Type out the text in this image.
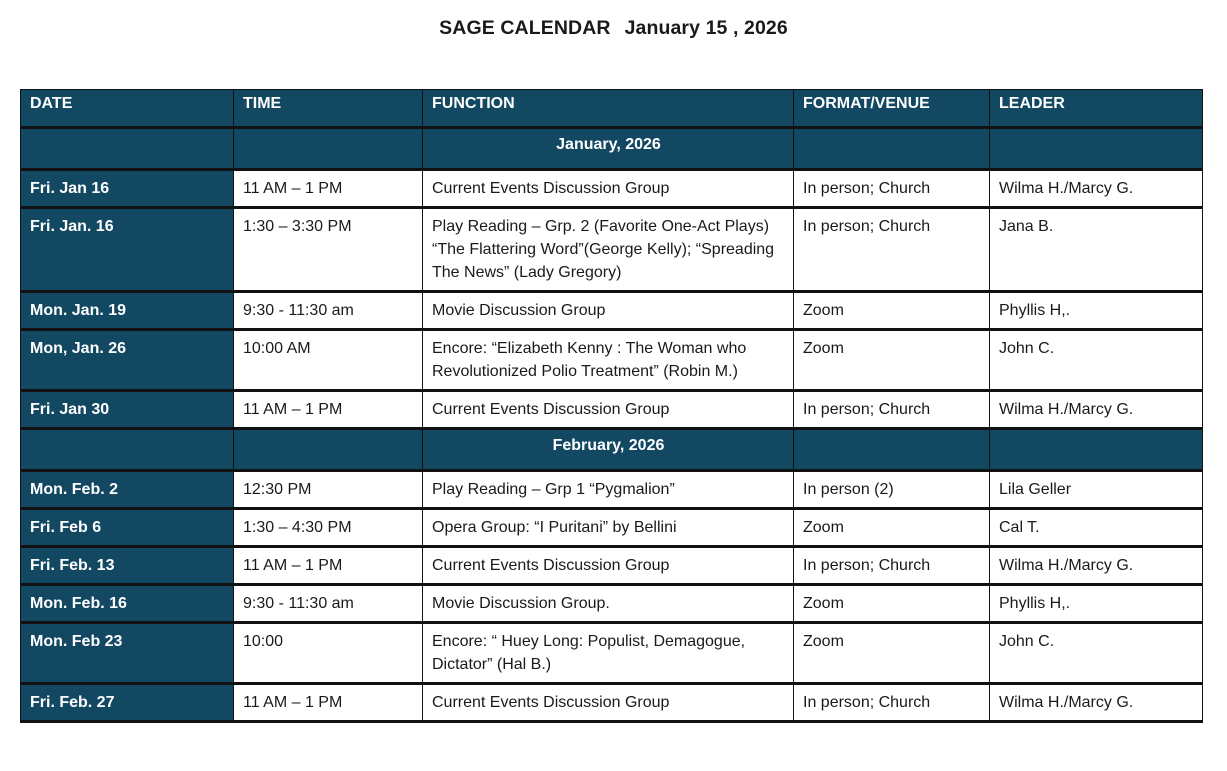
SAGE CALENDAR January 15 , 2026
DATE	TIME	FUNCTION	FORMAT/VENUE	LEADER
		January, 2026		
Fri. Jan 16	11 AM – 1 PM	Current Events Discussion Group	In person; Church	Wilma H./Marcy G.
Fri. Jan. 16	1:30 – 3:30 PM	Play Reading – Grp. 2 (Favorite One-Act Plays) “The Flattering Word”(George Kelly); “Spreading The News” (Lady Gregory)	In person; Church	Jana B.
Mon. Jan. 19	9:30 - 11:30 am	Movie Discussion Group	Zoom	Phyllis H,.
Mon, Jan. 26	10:00 AM	Encore: “Elizabeth Kenny : The Woman who Revolutionized Polio Treatment” (Robin M.)	Zoom	John C.
Fri. Jan 30	11 AM – 1 PM	Current Events Discussion Group	In person; Church	Wilma H./Marcy G.
		February, 2026		
Mon. Feb. 2	12:30 PM	Play Reading – Grp 1 “Pygmalion”	In person (2)	Lila Geller
Fri. Feb 6	1:30 – 4:30 PM	Opera Group: “I Puritani” by Bellini	Zoom	Cal T.
Fri. Feb. 13	11 AM – 1 PM	Current Events Discussion Group	In person; Church	Wilma H./Marcy G.
Mon. Feb. 16	9:30 - 11:30 am	Movie Discussion Group.	Zoom	Phyllis H,.
Mon. Feb 23	10:00	Encore: “ Huey Long: Populist, Demagogue, Dictator” (Hal B.)	Zoom	John C.
Fri. Feb. 27	11 AM – 1 PM	Current Events Discussion Group	In person; Church	Wilma H./Marcy G.
